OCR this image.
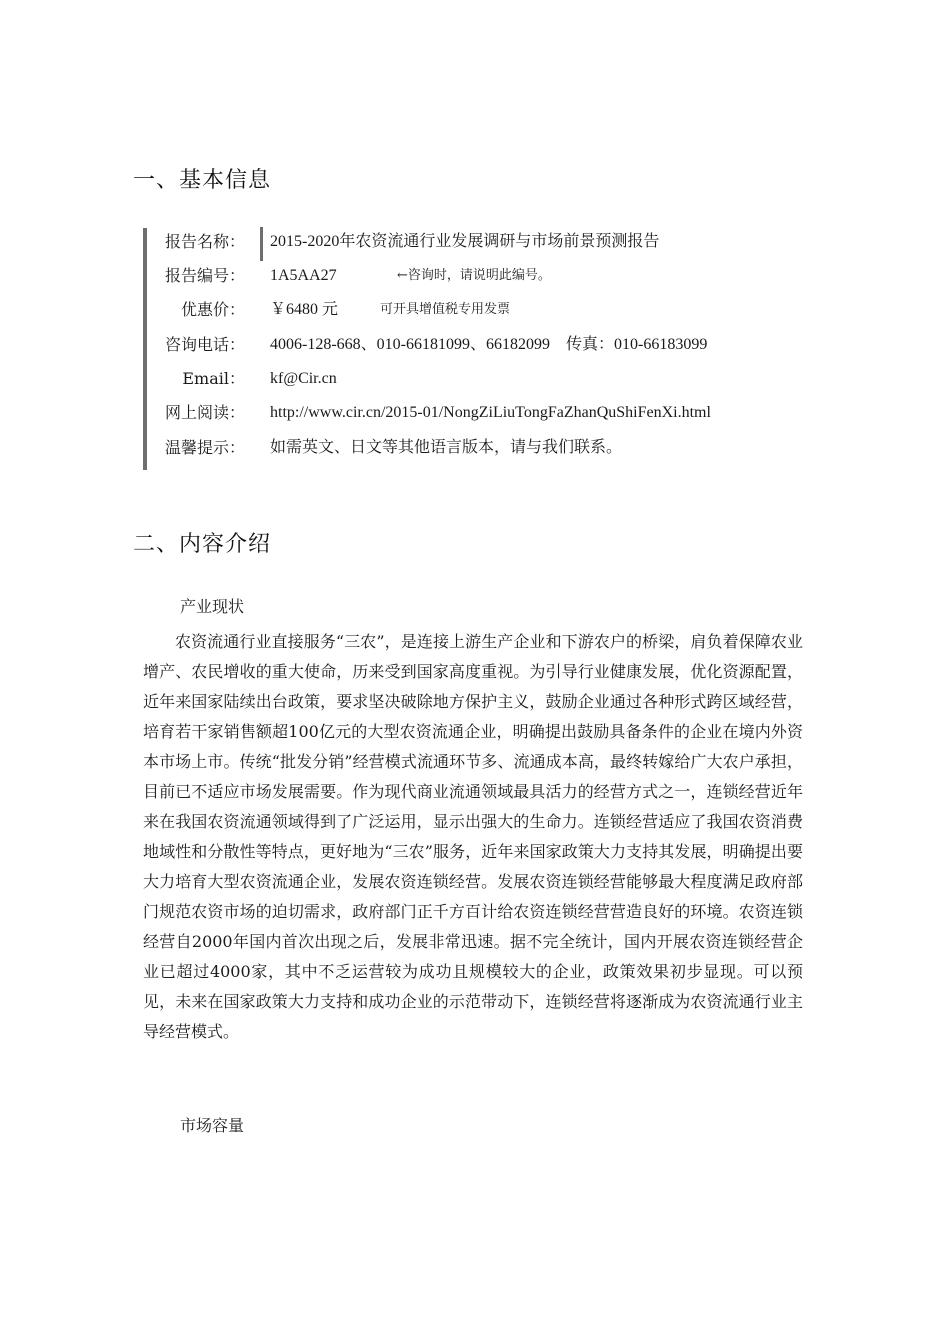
一、基本信息
报告名称： 2015-2020年农资流通行业发展调研与市场前景预测报告
报告编号： 1A5AA27	←咨询时，请说明此编号。
优惠价： ￥6480 元	可开具增值税专用发票
咨询电话： 4006-128-668、010-66181099、66182099    传真：010-66183099
Email： kf@Cir.cn
网上阅读： http://www.cir.cn/2015-01/NongZiLiuTongFaZhanQuShiFenXi.html
温馨提示： 如需英文、日文等其他语言版本，请与我们联系。
二、内容介绍
产业现状

农资流通行业直接服务“三农”，是连接上游生产企业和下游农户的桥梁，肩负着保障农业增产、农民增收的重大使命，历来受到国家高度重视。为引导行业健康发展，优化资源配置，近年来国家陆续出台政策，要求坚决破除地方保护主义，鼓励企业通过各种形式跨区域经营，培育若干家销售额超100亿元的大型农资流通企业，明确提出鼓励具备条件的企业在境内外资本市场上市。传统“批发分销”经营模式流通环节多、流通成本高，最终转嫁给广大农户承担，目前已不适应市场发展需要。作为现代商业流通领域最具活力的经营方式之一，连锁经营近年来在我国农资流通领域得到了广泛运用，显示出强大的生命力。连锁经营适应了我国农资消费地域性和分散性等特点，更好地为“三农”服务，近年来国家政策大力支持其发展，明确提出要大力培育大型农资流通企业，发展农资连锁经营。发展农资连锁经营能够最大程度满足政府部门规范农资市场的迫切需求，政府部门正千方百计给农资连锁经营营造良好的环境。农资连锁经营自2000年国内首次出现之后，发展非常迅速。据不完全统计，国内开展农资连锁经营企业已超过4000家，其中不乏运营较为成功且规模较大的企业，政策效果初步显现。可以预见，未来在国家政策大力支持和成功企业的示范带动下，连锁经营将逐渐成为农资流通行业主导经营模式。

市场容量
